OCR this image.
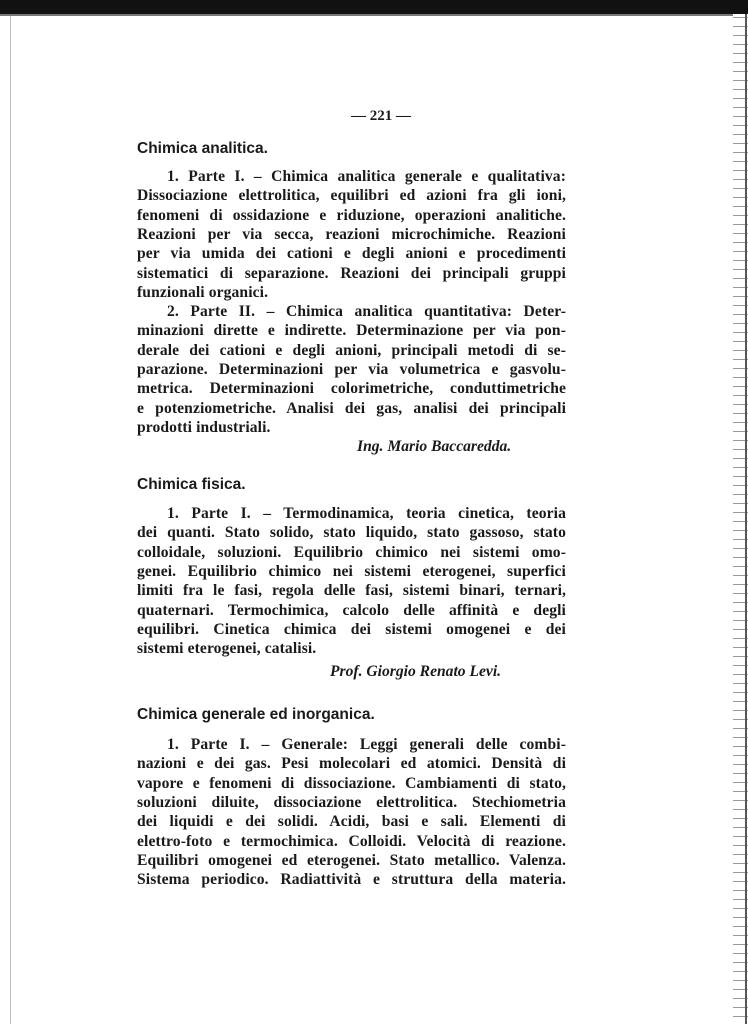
— 221 —
Chimica analitica.
1. Parte I. – Chimica analitica generale e qualitativa:
Dissociazione elettrolitica, equilibri ed azioni fra gli ioni,
fenomeni di ossidazione e riduzione, operazioni analitiche.
Reazioni per via secca, reazioni microchimiche. Reazioni
per via umida dei cationi e degli anioni e procedimenti
sistematici di separazione. Reazioni dei principali gruppi
funzionali organici.
2. Parte II. – Chimica analitica quantitativa: Deter-
minazioni dirette e indirette. Determinazione per via pon-
derale dei cationi e degli anioni, principali metodi di se-
parazione. Determinazioni per via volumetrica e gasvolu-
metrica. Determinazioni colorimetriche, conduttimetriche
e potenziometriche. Analisi dei gas, analisi dei principali
prodotti industriali.
Ing. Mario Baccaredda.
Chimica fisica.
1. Parte I. – Termodinamica, teoria cinetica, teoria
dei quanti. Stato solido, stato liquido, stato gassoso, stato
colloidale, soluzioni. Equilibrio chimico nei sistemi omo-
genei. Equilibrio chimico nei sistemi eterogenei, superfici
limiti fra le fasi, regola delle fasi, sistemi binari, ternari,
quaternari. Termochimica, calcolo delle affinità e degli
equilibri. Cinetica chimica dei sistemi omogenei e dei
sistemi eterogenei, catalisi.
Prof. Giorgio Renato Levi.
Chimica generale ed inorganica.
1. Parte I. – Generale: Leggi generali delle combi-
nazioni e dei gas. Pesi molecolari ed atomici. Densità di
vapore e fenomeni di dissociazione. Cambiamenti di stato,
soluzioni diluite, dissociazione elettrolitica. Stechiometria
dei liquidi e dei solidi. Acidi, basi e sali. Elementi di
elettro-foto e termochimica. Colloidi. Velocità di reazione.
Equilibri omogenei ed eterogenei. Stato metallico. Valenza.
Sistema periodico. Radiattività e struttura della materia.
